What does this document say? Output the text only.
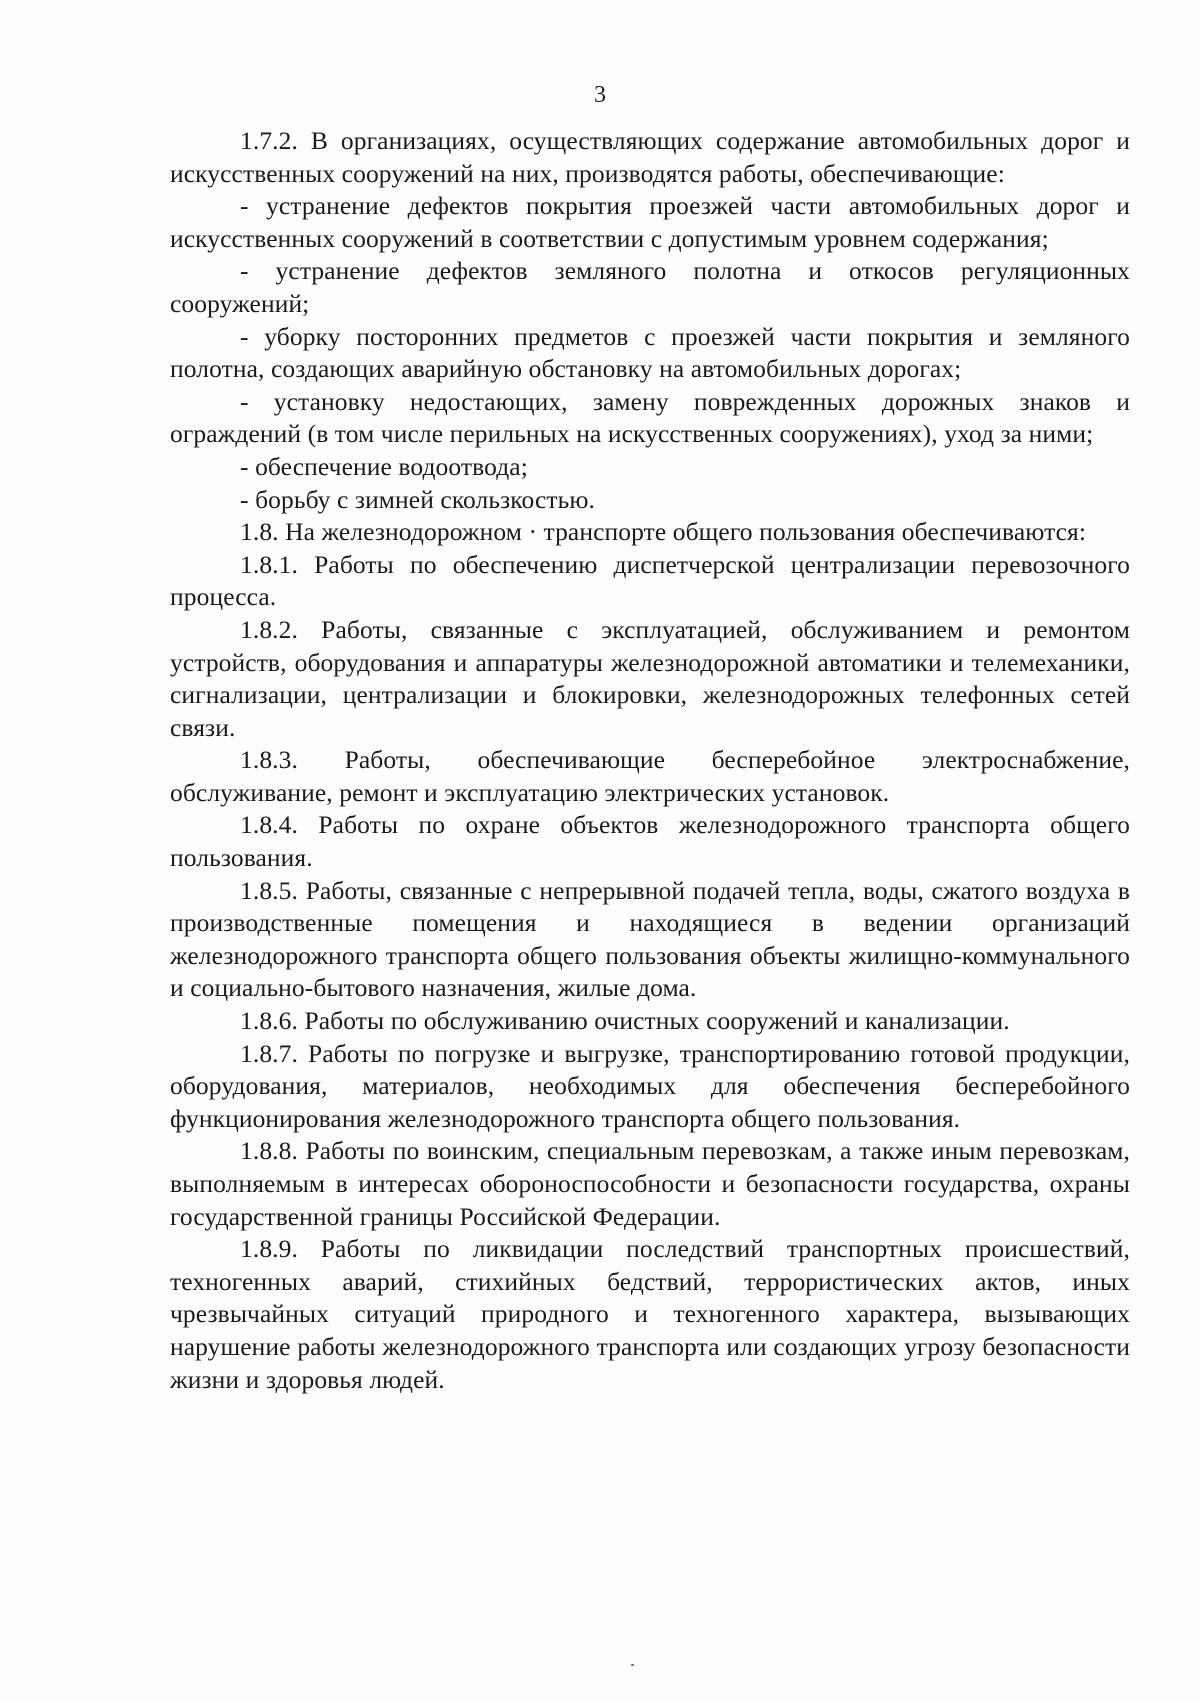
3

1.7.2. В организациях, осуществляющих содержание автомобильных дорог и искусственных сооружений на них, производятся работы, обеспечивающие:

- устранение дефектов покрытия проезжей части автомобильных дорог и искусственных сооружений в соответствии с допустимым уровнем содержания;

- устранение дефектов земляного полотна и откосов регуляционных сооружений;

- уборку посторонних предметов с проезжей части покрытия и земляного полотна, создающих аварийную обстановку на автомобильных дорогах;

- установку недостающих, замену поврежденных дорожных знаков и ограждений (в том числе перильных на искусственных сооружениях), уход за ними;

- обеспечение водоотвода;

- борьбу с зимней скользкостью.

1.8. На железнодорожном · транспорте общего пользования обеспечиваются:

1.8.1. Работы по обеспечению диспетчерской централизации перевозочного процесса.

1.8.2. Работы, связанные с эксплуатацией, обслуживанием и ремонтом устройств, оборудования и аппаратуры железнодорожной автоматики и телемеханики, сигнализации, централизации и блокировки, железнодорожных телефонных сетей связи.

1.8.3. Работы, обеспечивающие бесперебойное электроснабжение, обслуживание, ремонт и эксплуатацию электрических установок.

1.8.4. Работы по охране объектов железнодорожного транспорта общего пользования.

1.8.5. Работы, связанные с непрерывной подачей тепла, воды, сжатого воздуха в производственные помещения и находящиеся в ведении организаций железнодорожного транспорта общего пользования объекты жилищно-коммунального и социально-бытового назначения, жилые дома.

1.8.6. Работы по обслуживанию очистных сооружений и канализации.

1.8.7. Работы по погрузке и выгрузке, транспортированию готовой продукции, оборудования, материалов, необходимых для обеспечения бесперебойного функционирования железнодорожного транспорта общего пользования.

1.8.8. Работы по воинским, специальным перевозкам, а также иным перевозкам, выполняемым в интересах обороноспособности и безопасности государства, охраны государственной границы Российской Федерации.

1.8.9. Работы по ликвидации последствий транспортных происшествий, техногенных аварий, стихийных бедствий, террористических актов, иных чрезвычайных ситуаций природного и техногенного характера, вызывающих нарушение работы железнодорожного транспорта или создающих угрозу безопасности жизни и здоровья людей.
